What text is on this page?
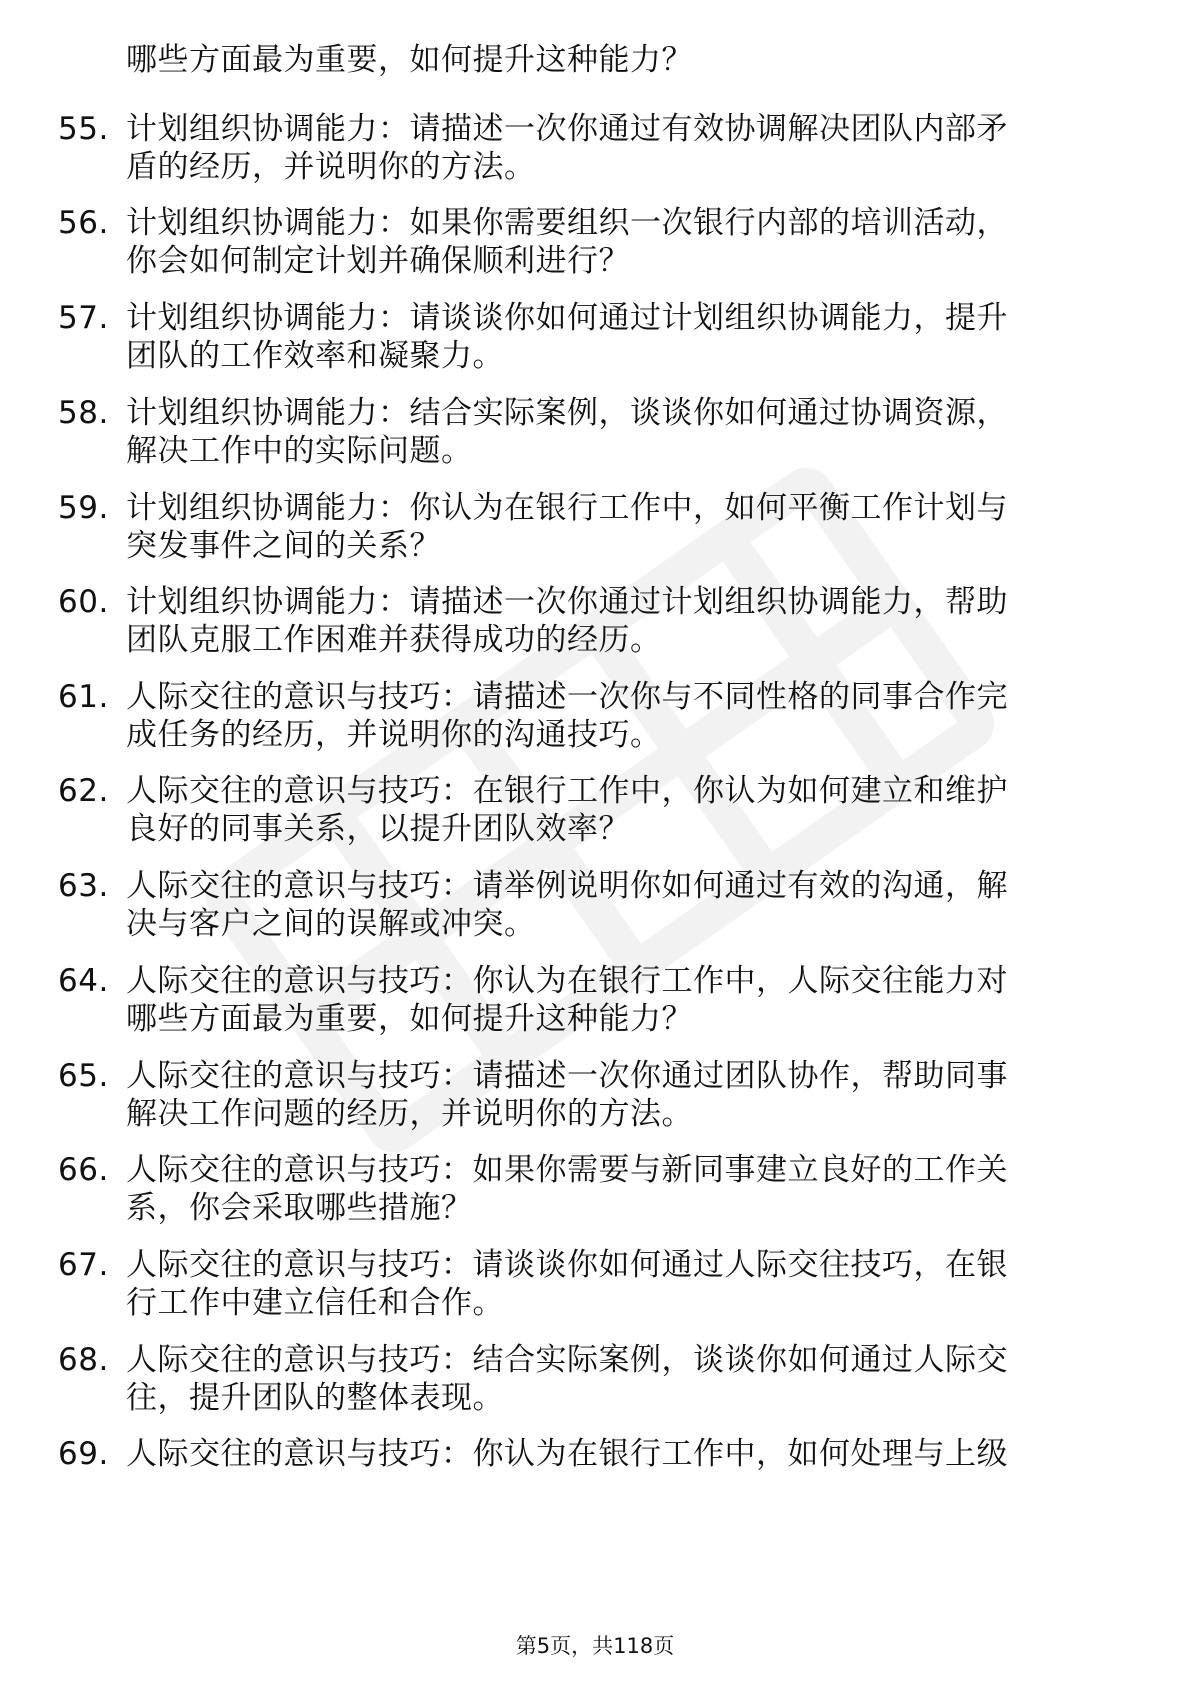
哪些方面最为重要，如何提升这种能力？
55. 计划组织协调能力：请描述一次你通过有效协调解决团队内部矛
盾的经历，并说明你的方法。
56. 计划组织协调能力：如果你需要组织一次银行内部的培训活动，
你会如何制定计划并确保顺利进行？
57. 计划组织协调能力：请谈谈你如何通过计划组织协调能力，提升
团队的工作效率和凝聚力。
58. 计划组织协调能力：结合实际案例，谈谈你如何通过协调资源，
解决工作中的实际问题。
59. 计划组织协调能力：你认为在银行工作中，如何平衡工作计划与
突发事件之间的关系？
60. 计划组织协调能力：请描述一次你通过计划组织协调能力，帮助
团队克服工作困难并获得成功的经历。
61. 人际交往的意识与技巧：请描述一次你与不同性格的同事合作完
成任务的经历，并说明你的沟通技巧。
62. 人际交往的意识与技巧：在银行工作中，你认为如何建立和维护
良好的同事关系，以提升团队效率？
63. 人际交往的意识与技巧：请举例说明你如何通过有效的沟通，解
决与客户之间的误解或冲突。
64. 人际交往的意识与技巧：你认为在银行工作中，人际交往能力对
哪些方面最为重要，如何提升这种能力？
65. 人际交往的意识与技巧：请描述一次你通过团队协作，帮助同事
解决工作问题的经历，并说明你的方法。
66. 人际交往的意识与技巧：如果你需要与新同事建立良好的工作关
系，你会采取哪些措施？
67. 人际交往的意识与技巧：请谈谈你如何通过人际交往技巧，在银
行工作中建立信任和合作。
68. 人际交往的意识与技巧：结合实际案例，谈谈你如何通过人际交
往，提升团队的整体表现。
69. 人际交往的意识与技巧：你认为在银行工作中，如何处理与上级
第5页，共118页
